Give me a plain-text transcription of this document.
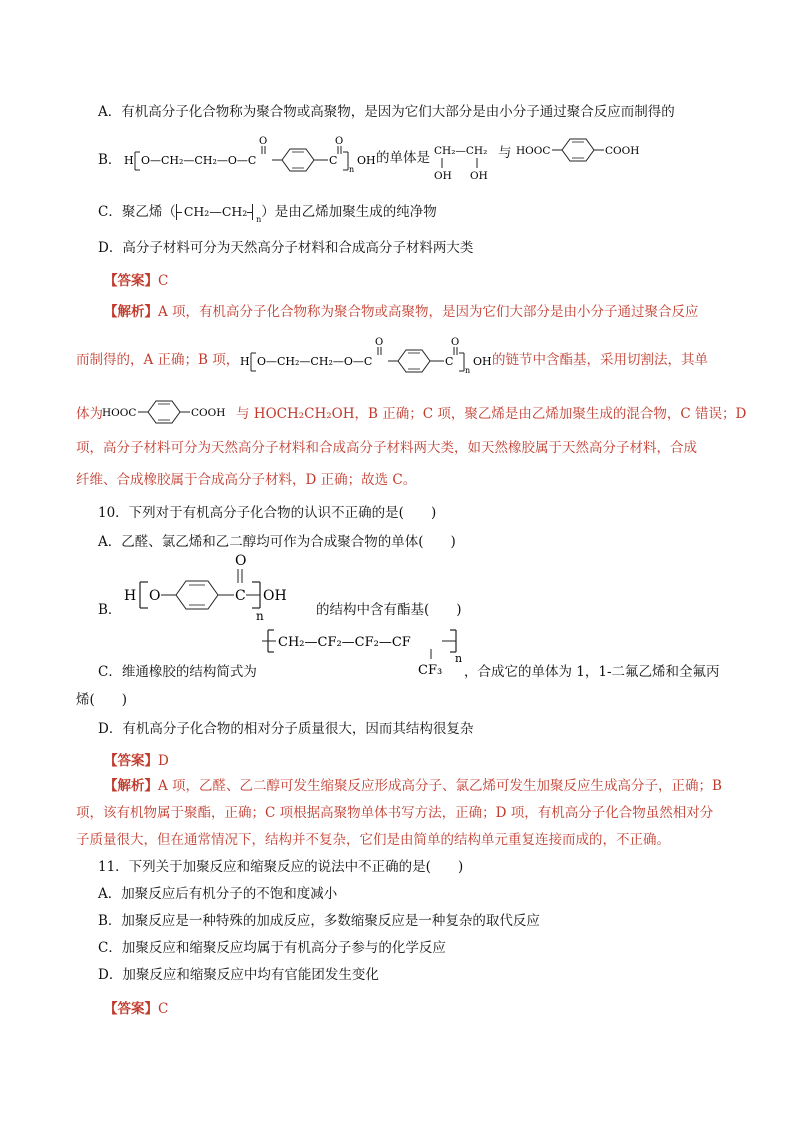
A．有机高分子化合物称为聚合物或高聚物，是因为它们大部分是由小分子通过聚合反应而制得的
B． H O—CH₂—CH₂—O—C
O	O
C
n
OH 的单体是 CH₂—CH₂
OH OH
与 HOOC	COOH
C．聚乙烯（ CH₂—CH₂
n ）是由乙烯加聚生成的纯净物
D．高分子材料可分为天然高分子材料和合成高分子材料两大类
【答案】C
【解析】A 项，有机高分子化合物称为聚合物或高聚物，是因为它们大部分是由小分子通过聚合反应
而制得的，A 正确；B 项， H O—CH₂—CH₂—O—C
O	O
C
n
OH 的链节中含酯基，采用切割法，其单
体为 HOOC	COOH 与 HOCH₂CH₂OH，B 正确；C 项，聚乙烯是由乙烯加聚生成的混合物，C 错误；D
项，高分子材料可分为天然高分子材料和合成高分子材料两大类，如天然橡胶属于天然高分子材料，合成
纤维、合成橡胶属于合成高分子材料，D 正确；故选 C。
10．下列对于有机高分子化合物的认识不正确的是(　　)
A．乙醛、氯乙烯和乙二醇均可作为合成聚合物的单体(　　)
B．
H O
O
C
n
OH
的结构中含有酯基(　　)
C．维通橡胶的结构简式为
CH₂—CF₂—CF₂—CF
CF₃
n
，合成它的单体为 1，1-二氟乙烯和全氟丙
烯(　　)
D．有机高分子化合物的相对分子质量很大，因而其结构很复杂
【答案】D
【解析】A 项，乙醛、乙二醇可发生缩聚反应形成高分子、氯乙烯可发生加聚反应生成高分子，正确；B
项，该有机物属于聚酯，正确；C 项根据高聚物单体书写方法，正确；D 项，有机高分子化合物虽然相对分
子质量很大，但在通常情况下，结构并不复杂，它们是由简单的结构单元重复连接而成的，不正确。
11．下列关于加聚反应和缩聚反应的说法中不正确的是(　　)
A．加聚反应后有机分子的不饱和度减小
B．加聚反应是一种特殊的加成反应，多数缩聚反应是一种复杂的取代反应
C．加聚反应和缩聚反应均属于有机高分子参与的化学反应
D．加聚反应和缩聚反应中均有官能团发生变化
【答案】C
